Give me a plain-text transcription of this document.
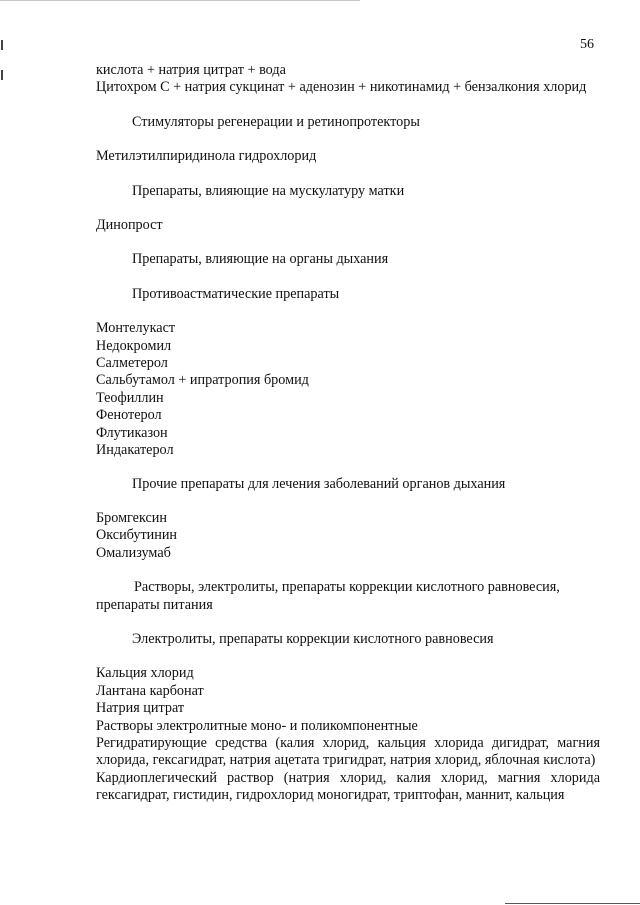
56
кислота + натрия цитрат + вода
Цитохром С + натрия сукцинат + аденозин + никотинамид + бензалкония хлорид
Стимуляторы регенерации и ретинопротекторы
Метилэтилпиридинола гидрохлорид
Препараты, влияющие на мускулатуру матки
Динопрост
Препараты, влияющие на органы дыхания
Противоастматические препараты
Монтелукаст
Недокромил
Салметерол
Сальбутамол + ипратропия бромид
Теофиллин
Фенотерол
Флутиказон
Индакатерол
Прочие препараты для лечения заболеваний органов дыхания
Бромгексин
Оксибутинин
Омализумаб
Растворы, электролиты, препараты коррекции кислотного равновесия, препараты питания
Электролиты, препараты коррекции кислотного равновесия
Кальция хлорид
Лантана карбонат
Натрия цитрат
Растворы электролитные моно- и поликомпонентные
Регидратирующие средства (калия хлорид, кальция хлорида дигидрат, магния хлорида, гексагидрат, натрия ацетата тригидрат, натрия хлорид, яблочная кислота)
Кардиоплегический раствор (натрия хлорид, калия хлорид, магния хлорида гексагидрат, гистидин, гидрохлорид моногидрат, триптофан, маннит, кальция
